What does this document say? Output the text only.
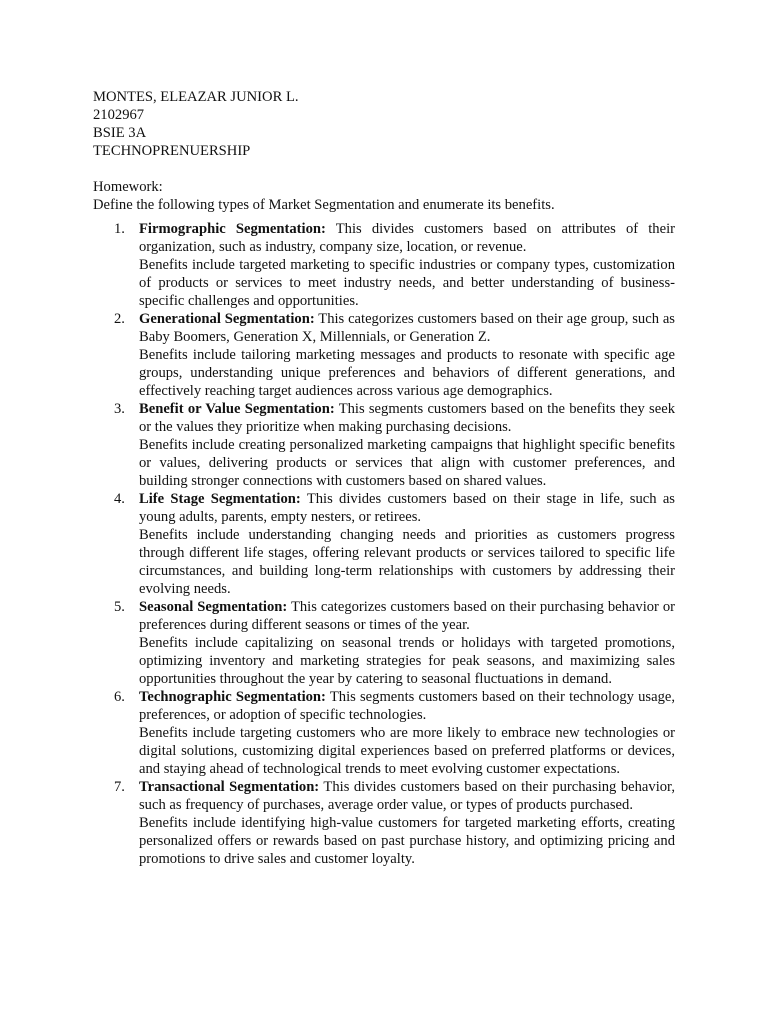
MONTES, ELEAZAR JUNIOR L.
2102967
BSIE 3A
TECHNOPRENUERSHIP
Homework:
Define the following types of Market Segmentation and enumerate its benefits.
1. Firmographic Segmentation: This divides customers based on attributes of their organization, such as industry, company size, location, or revenue.
Benefits include targeted marketing to specific industries or company types, customization of products or services to meet industry needs, and better understanding of business-specific challenges and opportunities.
2. Generational Segmentation: This categorizes customers based on their age group, such as Baby Boomers, Generation X, Millennials, or Generation Z.
Benefits include tailoring marketing messages and products to resonate with specific age groups, understanding unique preferences and behaviors of different generations, and effectively reaching target audiences across various age demographics.
3. Benefit or Value Segmentation: This segments customers based on the benefits they seek or the values they prioritize when making purchasing decisions.
Benefits include creating personalized marketing campaigns that highlight specific benefits or values, delivering products or services that align with customer preferences, and building stronger connections with customers based on shared values.
4. Life Stage Segmentation: This divides customers based on their stage in life, such as young adults, parents, empty nesters, or retirees.
Benefits include understanding changing needs and priorities as customers progress through different life stages, offering relevant products or services tailored to specific life circumstances, and building long-term relationships with customers by addressing their evolving needs.
5. Seasonal Segmentation: This categorizes customers based on their purchasing behavior or preferences during different seasons or times of the year.
Benefits include capitalizing on seasonal trends or holidays with targeted promotions, optimizing inventory and marketing strategies for peak seasons, and maximizing sales opportunities throughout the year by catering to seasonal fluctuations in demand.
6. Technographic Segmentation: This segments customers based on their technology usage, preferences, or adoption of specific technologies.
Benefits include targeting customers who are more likely to embrace new technologies or digital solutions, customizing digital experiences based on preferred platforms or devices, and staying ahead of technological trends to meet evolving customer expectations.
7. Transactional Segmentation: This divides customers based on their purchasing behavior, such as frequency of purchases, average order value, or types of products purchased.
Benefits include identifying high-value customers for targeted marketing efforts, creating personalized offers or rewards based on past purchase history, and optimizing pricing and promotions to drive sales and customer loyalty.
